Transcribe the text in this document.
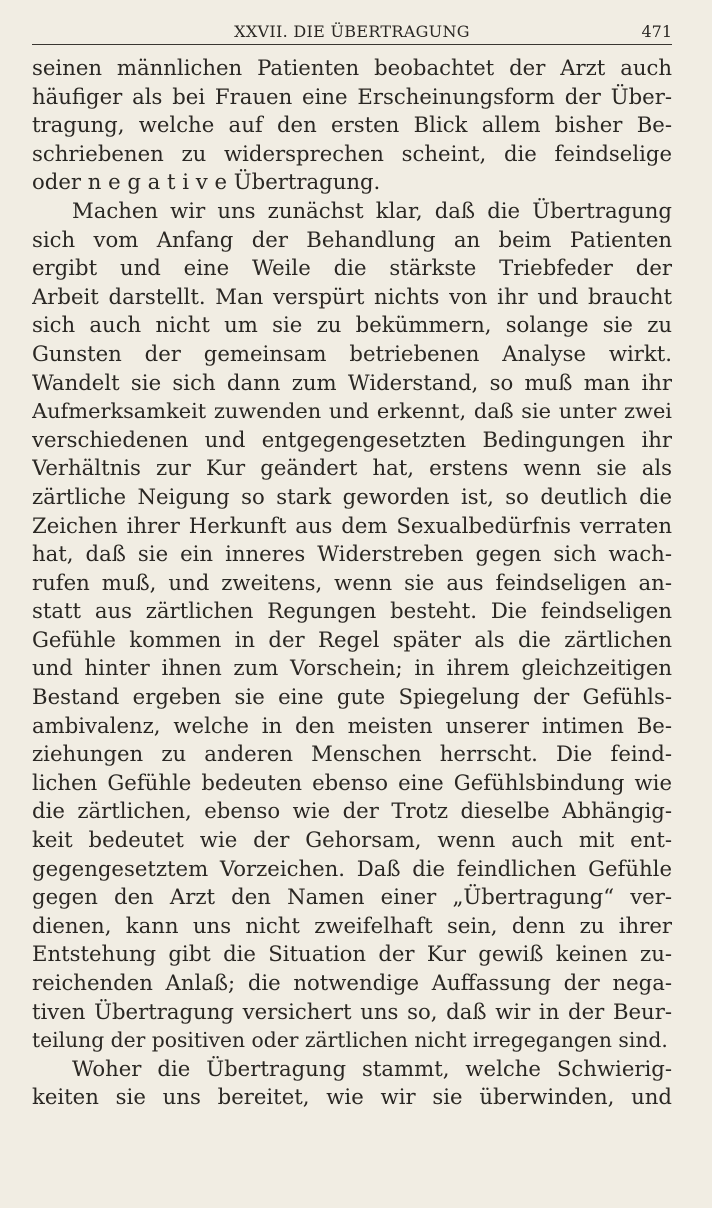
XXVII. DIE ÜBERTRAGUNG	471
seinen männlichen Patienten beobachtet der Arzt auch
häufiger als bei Frauen eine Erscheinungsform der Über-
tragung, welche auf den ersten Blick allem bisher Be-
schriebenen zu widersprechen scheint, die feindselige
oder n e g a t i v e Übertragung.
Machen wir uns zunächst klar, daß die Übertragung
sich vom Anfang der Behandlung an beim Patienten
ergibt und eine Weile die stärkste Triebfeder der
Arbeit darstellt. Man verspürt nichts von ihr und braucht
sich auch nicht um sie zu bekümmern, solange sie zu
Gunsten der gemeinsam betriebenen Analyse wirkt.
Wandelt sie sich dann zum Widerstand, so muß man ihr
Aufmerksamkeit zuwenden und erkennt, daß sie unter zwei
verschiedenen und entgegengesetzten Bedingungen ihr
Verhältnis zur Kur geändert hat, erstens wenn sie als
zärtliche Neigung so stark geworden ist, so deutlich die
Zeichen ihrer Herkunft aus dem Sexualbedürfnis verraten
hat, daß sie ein inneres Widerstreben gegen sich wach-
rufen muß, und zweitens, wenn sie aus feindseligen an-
statt aus zärtlichen Regungen besteht. Die feindseligen
Gefühle kommen in der Regel später als die zärtlichen
und hinter ihnen zum Vorschein; in ihrem gleichzeitigen
Bestand ergeben sie eine gute Spiegelung der Gefühls-
ambivalenz, welche in den meisten unserer intimen Be-
ziehungen zu anderen Menschen herrscht. Die feind-
lichen Gefühle bedeuten ebenso eine Gefühlsbindung wie
die zärtlichen, ebenso wie der Trotz dieselbe Abhängig-
keit bedeutet wie der Gehorsam, wenn auch mit ent-
gegengesetztem Vorzeichen. Daß die feindlichen Gefühle
gegen den Arzt den Namen einer „Übertragung“ ver-
dienen, kann uns nicht zweifelhaft sein, denn zu ihrer
Entstehung gibt die Situation der Kur gewiß keinen zu-
reichenden Anlaß; die notwendige Auffassung der nega-
tiven Übertragung versichert uns so, daß wir in der Beur-
teilung der positiven oder zärtlichen nicht irregegangen sind.
Woher die Übertragung stammt, welche Schwierig-
keiten sie uns bereitet, wie wir sie überwinden, und
